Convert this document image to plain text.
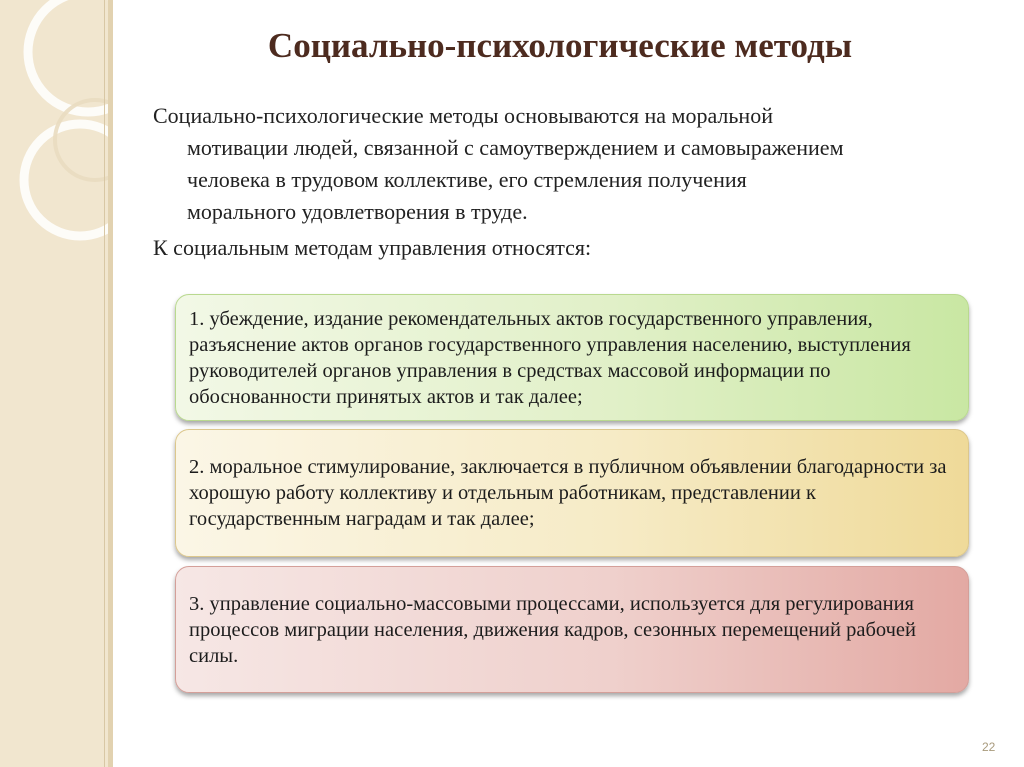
Социально-психологические методы

Социально-психологические методы основываются на моральной
мотивации людей, связанной с самоутверждением и самовыражением
человека в трудовом коллективе, его стремления получения
морального удовлетворения в труде.

К социальным методам управления относятся:

1. убеждение, издание рекомендательных актов государственного управления, разъяснение актов органов государственного управления населению, выступления руководителей органов управления в средствах массовой информации по обоснованности принятых актов и так далее;
2. моральное стимулирование, заключается в публичном объявлении благодарности за хорошую работу коллективу и отдельным работникам, представлении к государственным наградам и так далее;
3. управление социально-массовыми процессами, используется для регулирования процессов миграции населения, движения кадров, сезонных перемещений рабочей силы.
22
